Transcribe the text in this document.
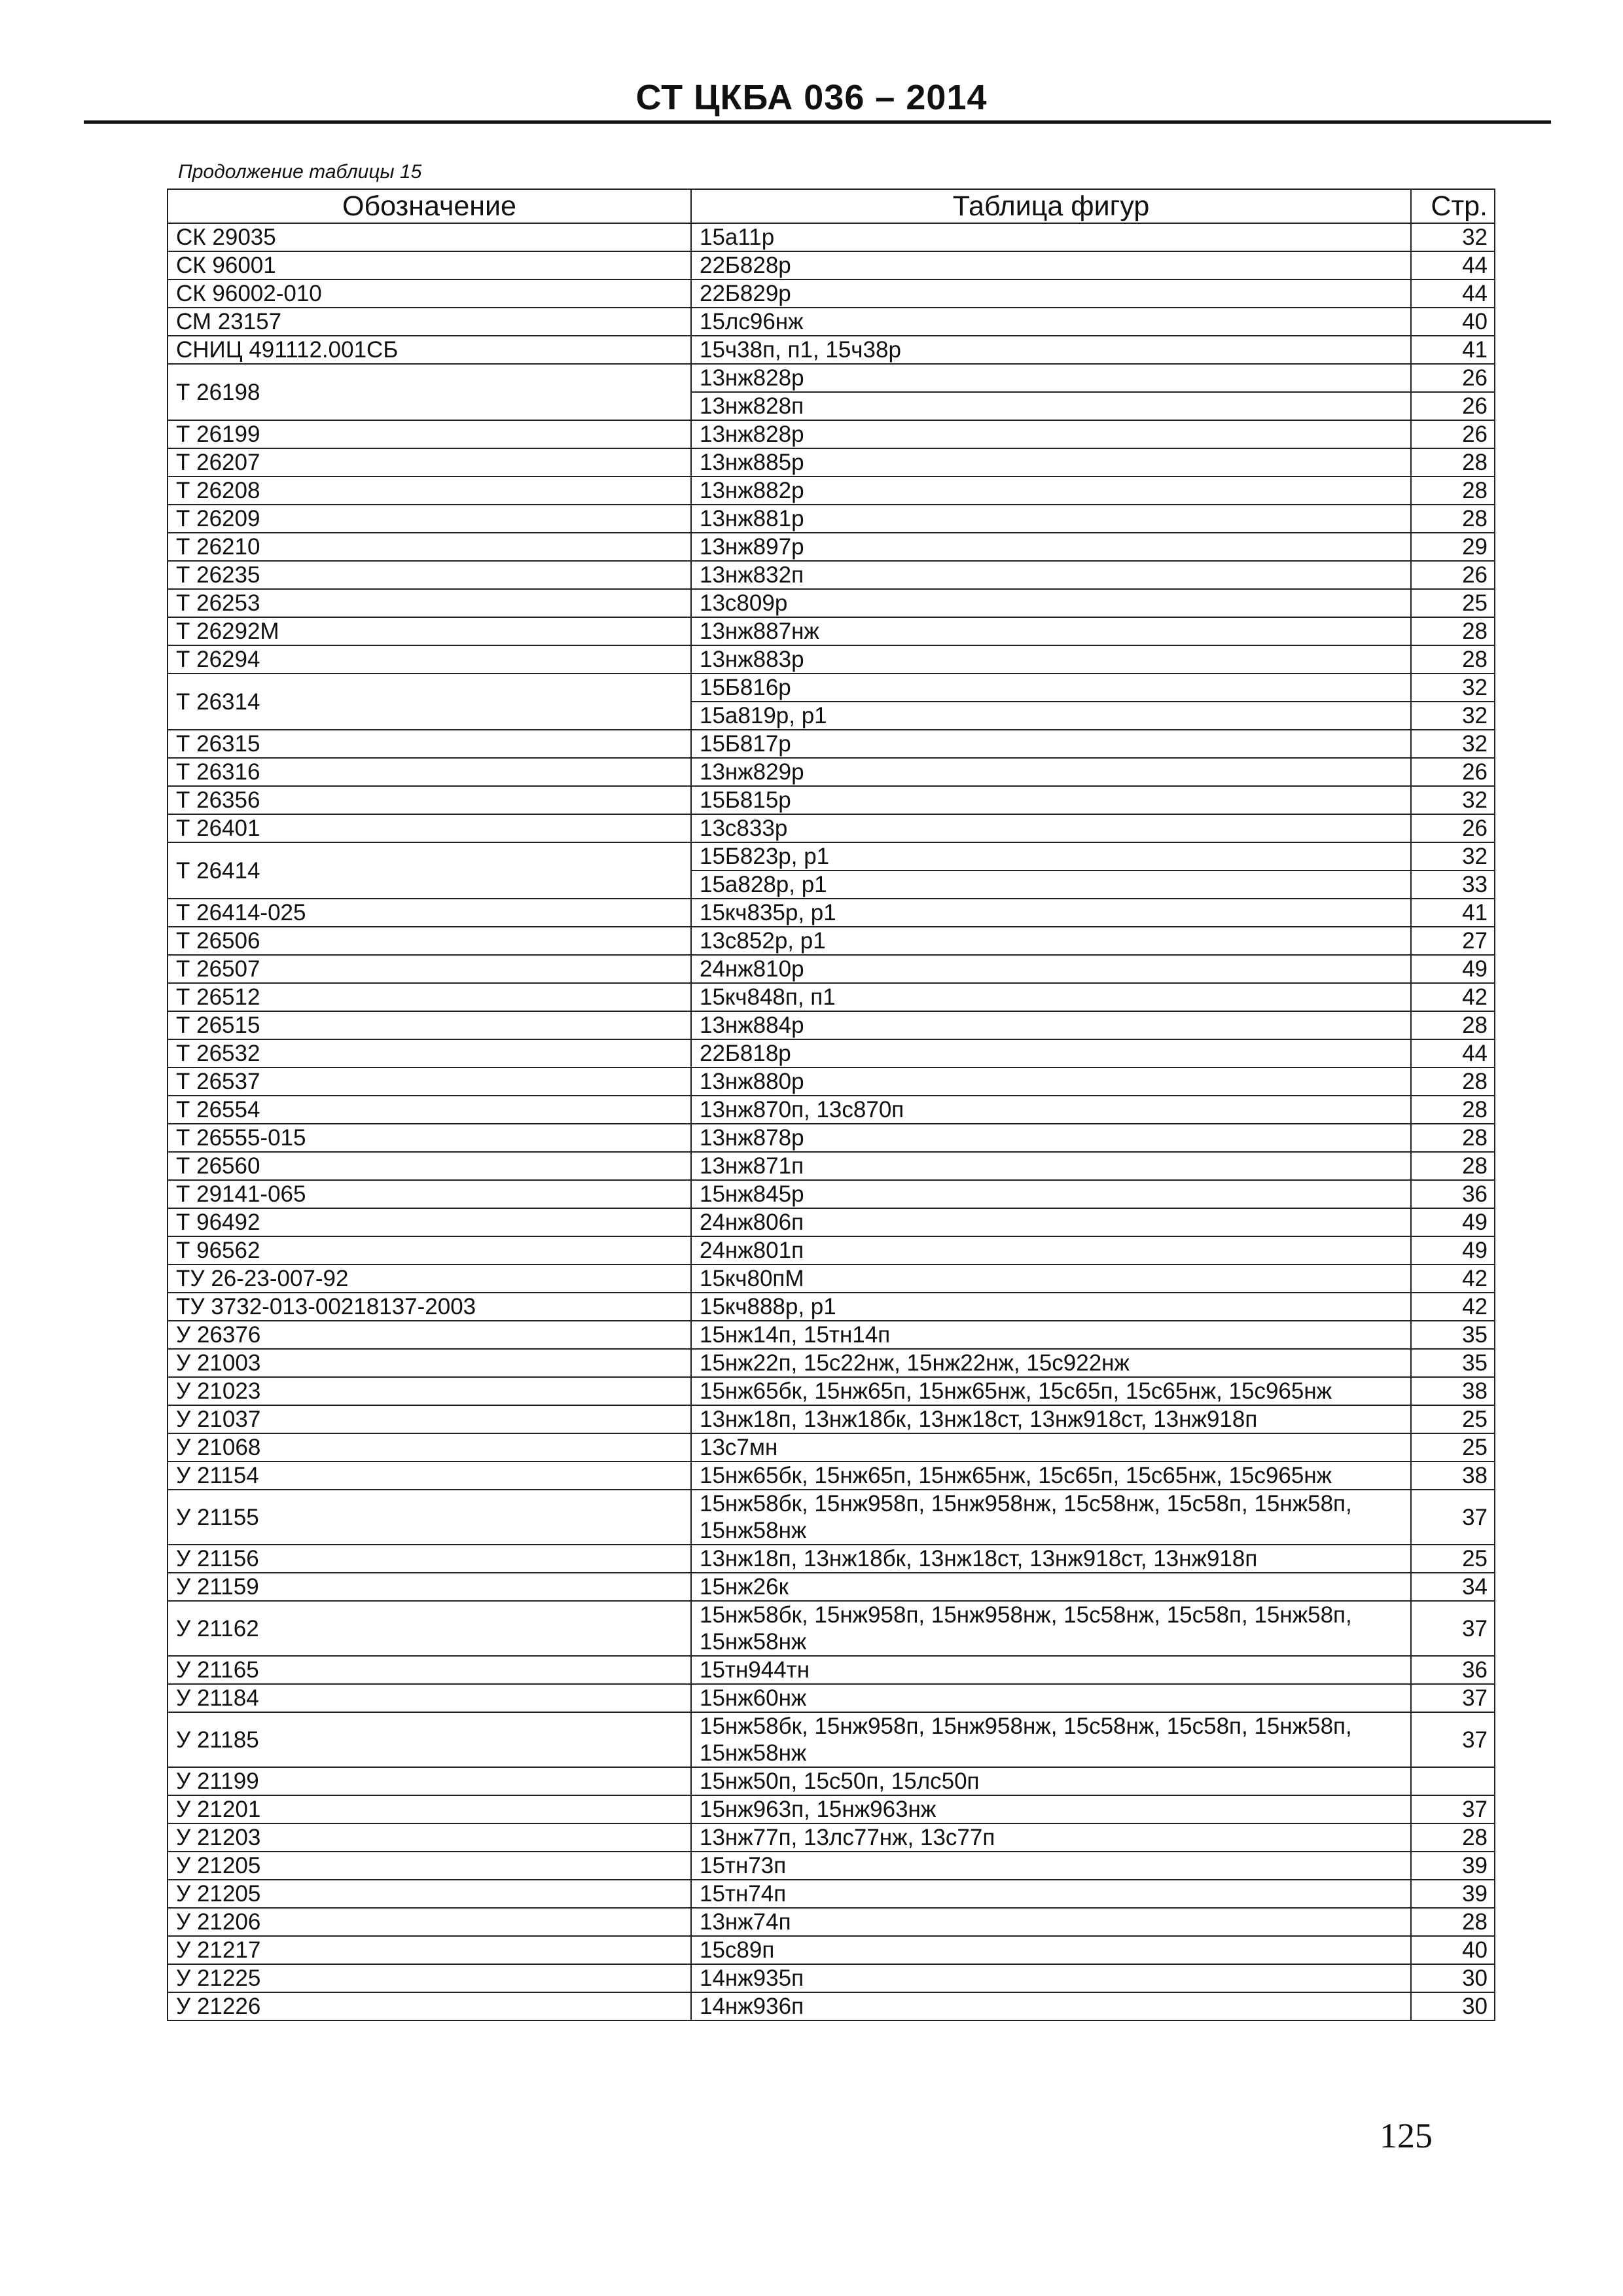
СТ ЦКБА 036 – 2014
Продолжение таблицы 15
Обозначение	Таблица фигур	Стр.
СК 29035	15а11р	32
СК 96001	22Б828р	44
СК 96002-010	22Б829р	44
СМ 23157	15лс96нж	40
СНИЦ 491112.001СБ	15ч38п, п1, 15ч38р	41
Т 26198	13нж828р	26
	13нж828п	26
Т 26199	13нж828р	26
Т 26207	13нж885р	28
Т 26208	13нж882р	28
Т 26209	13нж881р	28
Т 26210	13нж897р	29
Т 26235	13нж832п	26
Т 26253	13с809р	25
Т 26292М	13нж887нж	28
Т 26294	13нж883р	28
Т 26314	15Б816р	32
	15а819р, р1	32
Т 26315	15Б817р	32
Т 26316	13нж829р	26
Т 26356	15Б815р	32
Т 26401	13с833р	26
Т 26414	15Б823р, р1	32
	15а828р, р1	33
Т 26414-025	15кч835р, р1	41
Т 26506	13с852р, р1	27
Т 26507	24нж810р	49
Т 26512	15кч848п, п1	42
Т 26515	13нж884р	28
Т 26532	22Б818р	44
Т 26537	13нж880р	28
Т 26554	13нж870п, 13с870п	28
Т 26555-015	13нж878р	28
Т 26560	13нж871п	28
Т 29141-065	15нж845р	36
Т 96492	24нж806п	49
Т 96562	24нж801п	49
ТУ 26-23-007-92	15кч80пМ	42
ТУ 3732-013-00218137-2003	15кч888р, р1	42
У 26376	15нж14п, 15тн14п	35
У 21003	15нж22п, 15с22нж, 15нж22нж, 15с922нж	35
У 21023	15нж65бк, 15нж65п, 15нж65нж, 15с65п, 15с65нж, 15с965нж	38
У 21037	13нж18п, 13нж18бк, 13нж18ст, 13нж918ст, 13нж918п	25
У 21068	13с7мн	25
У 21154	15нж65бк, 15нж65п, 15нж65нж, 15с65п, 15с65нж, 15с965нж	38
У 21155	15нж58бк, 15нж958п, 15нж958нж, 15с58нж, 15с58п, 15нж58п, 15нж58нж	37
У 21156	13нж18п, 13нж18бк, 13нж18ст, 13нж918ст, 13нж918п	25
У 21159	15нж26к	34
У 21162	15нж58бк, 15нж958п, 15нж958нж, 15с58нж, 15с58п, 15нж58п, 15нж58нж	37
У 21165	15тн944тн	36
У 21184	15нж60нж	37
У 21185	15нж58бк, 15нж958п, 15нж958нж, 15с58нж, 15с58п, 15нж58п, 15нж58нж	37
У 21199	15нж50п, 15с50п, 15лс50п	
У 21201	15нж963п, 15нж963нж	37
У 21203	13нж77п, 13лс77нж, 13с77п	28
У 21205	15тн73п	39
У 21205	15тн74п	39
У 21206	13нж74п	28
У 21217	15с89п	40
У 21225	14нж935п	30
У 21226	14нж936п	30
125
